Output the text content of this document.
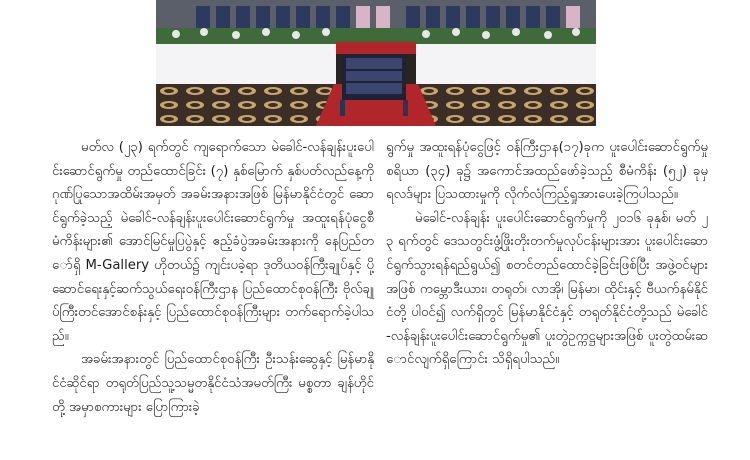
မတ်လ (၂၃) ရက်တွင် ကျရောက်သော မဲခေါင်-လန်ချန်းပူးပေါင်းဆောင်ရွက်မှု တည်ထောင်ခြင်း (၇) နှစ်မြောက် နှစ်ပတ်လည်နေ့ကို ဂုဏ်ပြုသောအထိမ်းအမှတ် အခမ်းအနားအဖြစ် မြန်မာနိုင်ငံတွင် ဆောင်ရွက်ခဲ့သည့် မဲခေါင်-လန်ချန်းပူးပေါင်းဆောင်ရွက်မှု အထူးရန်ပုံငွေစီမံကိန်းများ၏ အောင်မြင်မှုပြပွဲနှင့် ဧည့်ခံပွဲအခမ်းအနားကို နေပြည်တော်ရှိ M-Gallery ဟိုတယ်၌ ကျင်းပခဲ့ရာ ဒုတိယဝန်ကြီးချုပ်နှင့် ပို့ဆောင်ရေးနှင့်ဆက်သွယ်ရေးဝန်ကြီးဌာန ပြည်ထောင်စုဝန်ကြီး ဗိုလ်ချုပ်ကြီးတင်အောင်စန်းနှင့် ပြည်ထောင်စုဝန်ကြီးများ တက်ရောက်ခဲ့ပါသည်။

အခမ်းအနားတွင် ပြည်ထောင်စုဝန်ကြီး ဦးသန်းဆွေနှင့် မြန်မာနိုင်ငံဆိုင်ရာ တရုတ်ပြည်သူ့သမ္မတနိုင်ငံသံအမတ်ကြီး မစ္စတာ ချန်ဟိုင်တို့ အမှာစကားများ ပြောကြားခဲ့

ရွက်မှု အထူးရန်ပုံငွေဖြင့် ဝန်ကြီးဌာန(၁၇)ခုက ပူးပေါင်းဆောင်ရွက်မှုစရိယာ (၃၄) ခု၌ အကောင်အထည်ဖော်ခဲ့သည့် စီမံကိန်း (၅၂) ခုမှ ရလဒ်များ ပြသထားမှုကို လိုက်လံကြည့်ရှုအားပေးခဲ့ကြပါသည်။

မဲခေါင်-လန်ချန်း ပူးပေါင်းဆောင်ရွက်မှုကို ၂၀၁၆ ခုနှစ်၊ မတ် ၂၃ ရက်တွင် ဒေသတွင်းဖွံ့ဖြိုးတိုးတက်မှုလုပ်ငန်းများအား ပူးပေါင်းဆောင်ရွက်သွားရန်ရည်ရွယ်၍ စတင်တည်ထောင်ခဲ့ခြင်းဖြစ်ပြီး အဖွဲ့ဝင်များအဖြစ် ကမ္ဘောဒီးယား၊ တရုတ်၊ လာအို၊ မြန်မာ၊ ထိုင်းနှင့် ဗီယက်နမ်နိုင်ငံတို့ ပါဝင်၍ လက်ရှိတွင် မြန်မာနိုင်ငံနှင့် တရုတ်နိုင်ငံတို့သည် မဲခေါင်-လန်ချန်းပူးပေါင်းဆောင်ရွက်မှု၏ ပူးတွဲဥက္ကဋ္ဌများအဖြစ် ပူးတွဲထမ်းဆောင်လျက်ရှိကြောင်း သိရှိရပါသည်။
